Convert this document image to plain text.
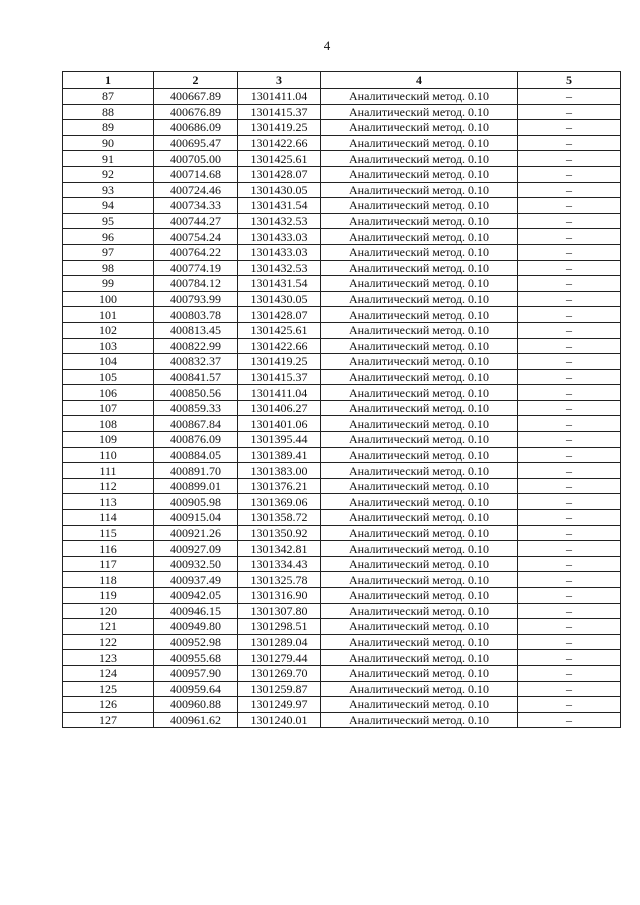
4
1	2	3	4	5
87	400667.89	1301411.04	Аналитический метод. 0.10	–
88	400676.89	1301415.37	Аналитический метод. 0.10	–
89	400686.09	1301419.25	Аналитический метод. 0.10	–
90	400695.47	1301422.66	Аналитический метод. 0.10	–
91	400705.00	1301425.61	Аналитический метод. 0.10	–
92	400714.68	1301428.07	Аналитический метод. 0.10	–
93	400724.46	1301430.05	Аналитический метод. 0.10	–
94	400734.33	1301431.54	Аналитический метод. 0.10	–
95	400744.27	1301432.53	Аналитический метод. 0.10	–
96	400754.24	1301433.03	Аналитический метод. 0.10	–
97	400764.22	1301433.03	Аналитический метод. 0.10	–
98	400774.19	1301432.53	Аналитический метод. 0.10	–
99	400784.12	1301431.54	Аналитический метод. 0.10	–
100	400793.99	1301430.05	Аналитический метод. 0.10	–
101	400803.78	1301428.07	Аналитический метод. 0.10	–
102	400813.45	1301425.61	Аналитический метод. 0.10	–
103	400822.99	1301422.66	Аналитический метод. 0.10	–
104	400832.37	1301419.25	Аналитический метод. 0.10	–
105	400841.57	1301415.37	Аналитический метод. 0.10	–
106	400850.56	1301411.04	Аналитический метод. 0.10	–
107	400859.33	1301406.27	Аналитический метод. 0.10	–
108	400867.84	1301401.06	Аналитический метод. 0.10	–
109	400876.09	1301395.44	Аналитический метод. 0.10	–
110	400884.05	1301389.41	Аналитический метод. 0.10	–
111	400891.70	1301383.00	Аналитический метод. 0.10	–
112	400899.01	1301376.21	Аналитический метод. 0.10	–
113	400905.98	1301369.06	Аналитический метод. 0.10	–
114	400915.04	1301358.72	Аналитический метод. 0.10	–
115	400921.26	1301350.92	Аналитический метод. 0.10	–
116	400927.09	1301342.81	Аналитический метод. 0.10	–
117	400932.50	1301334.43	Аналитический метод. 0.10	–
118	400937.49	1301325.78	Аналитический метод. 0.10	–
119	400942.05	1301316.90	Аналитический метод. 0.10	–
120	400946.15	1301307.80	Аналитический метод. 0.10	–
121	400949.80	1301298.51	Аналитический метод. 0.10	–
122	400952.98	1301289.04	Аналитический метод. 0.10	–
123	400955.68	1301279.44	Аналитический метод. 0.10	–
124	400957.90	1301269.70	Аналитический метод. 0.10	–
125	400959.64	1301259.87	Аналитический метод. 0.10	–
126	400960.88	1301249.97	Аналитический метод. 0.10	–
127	400961.62	1301240.01	Аналитический метод. 0.10	–
